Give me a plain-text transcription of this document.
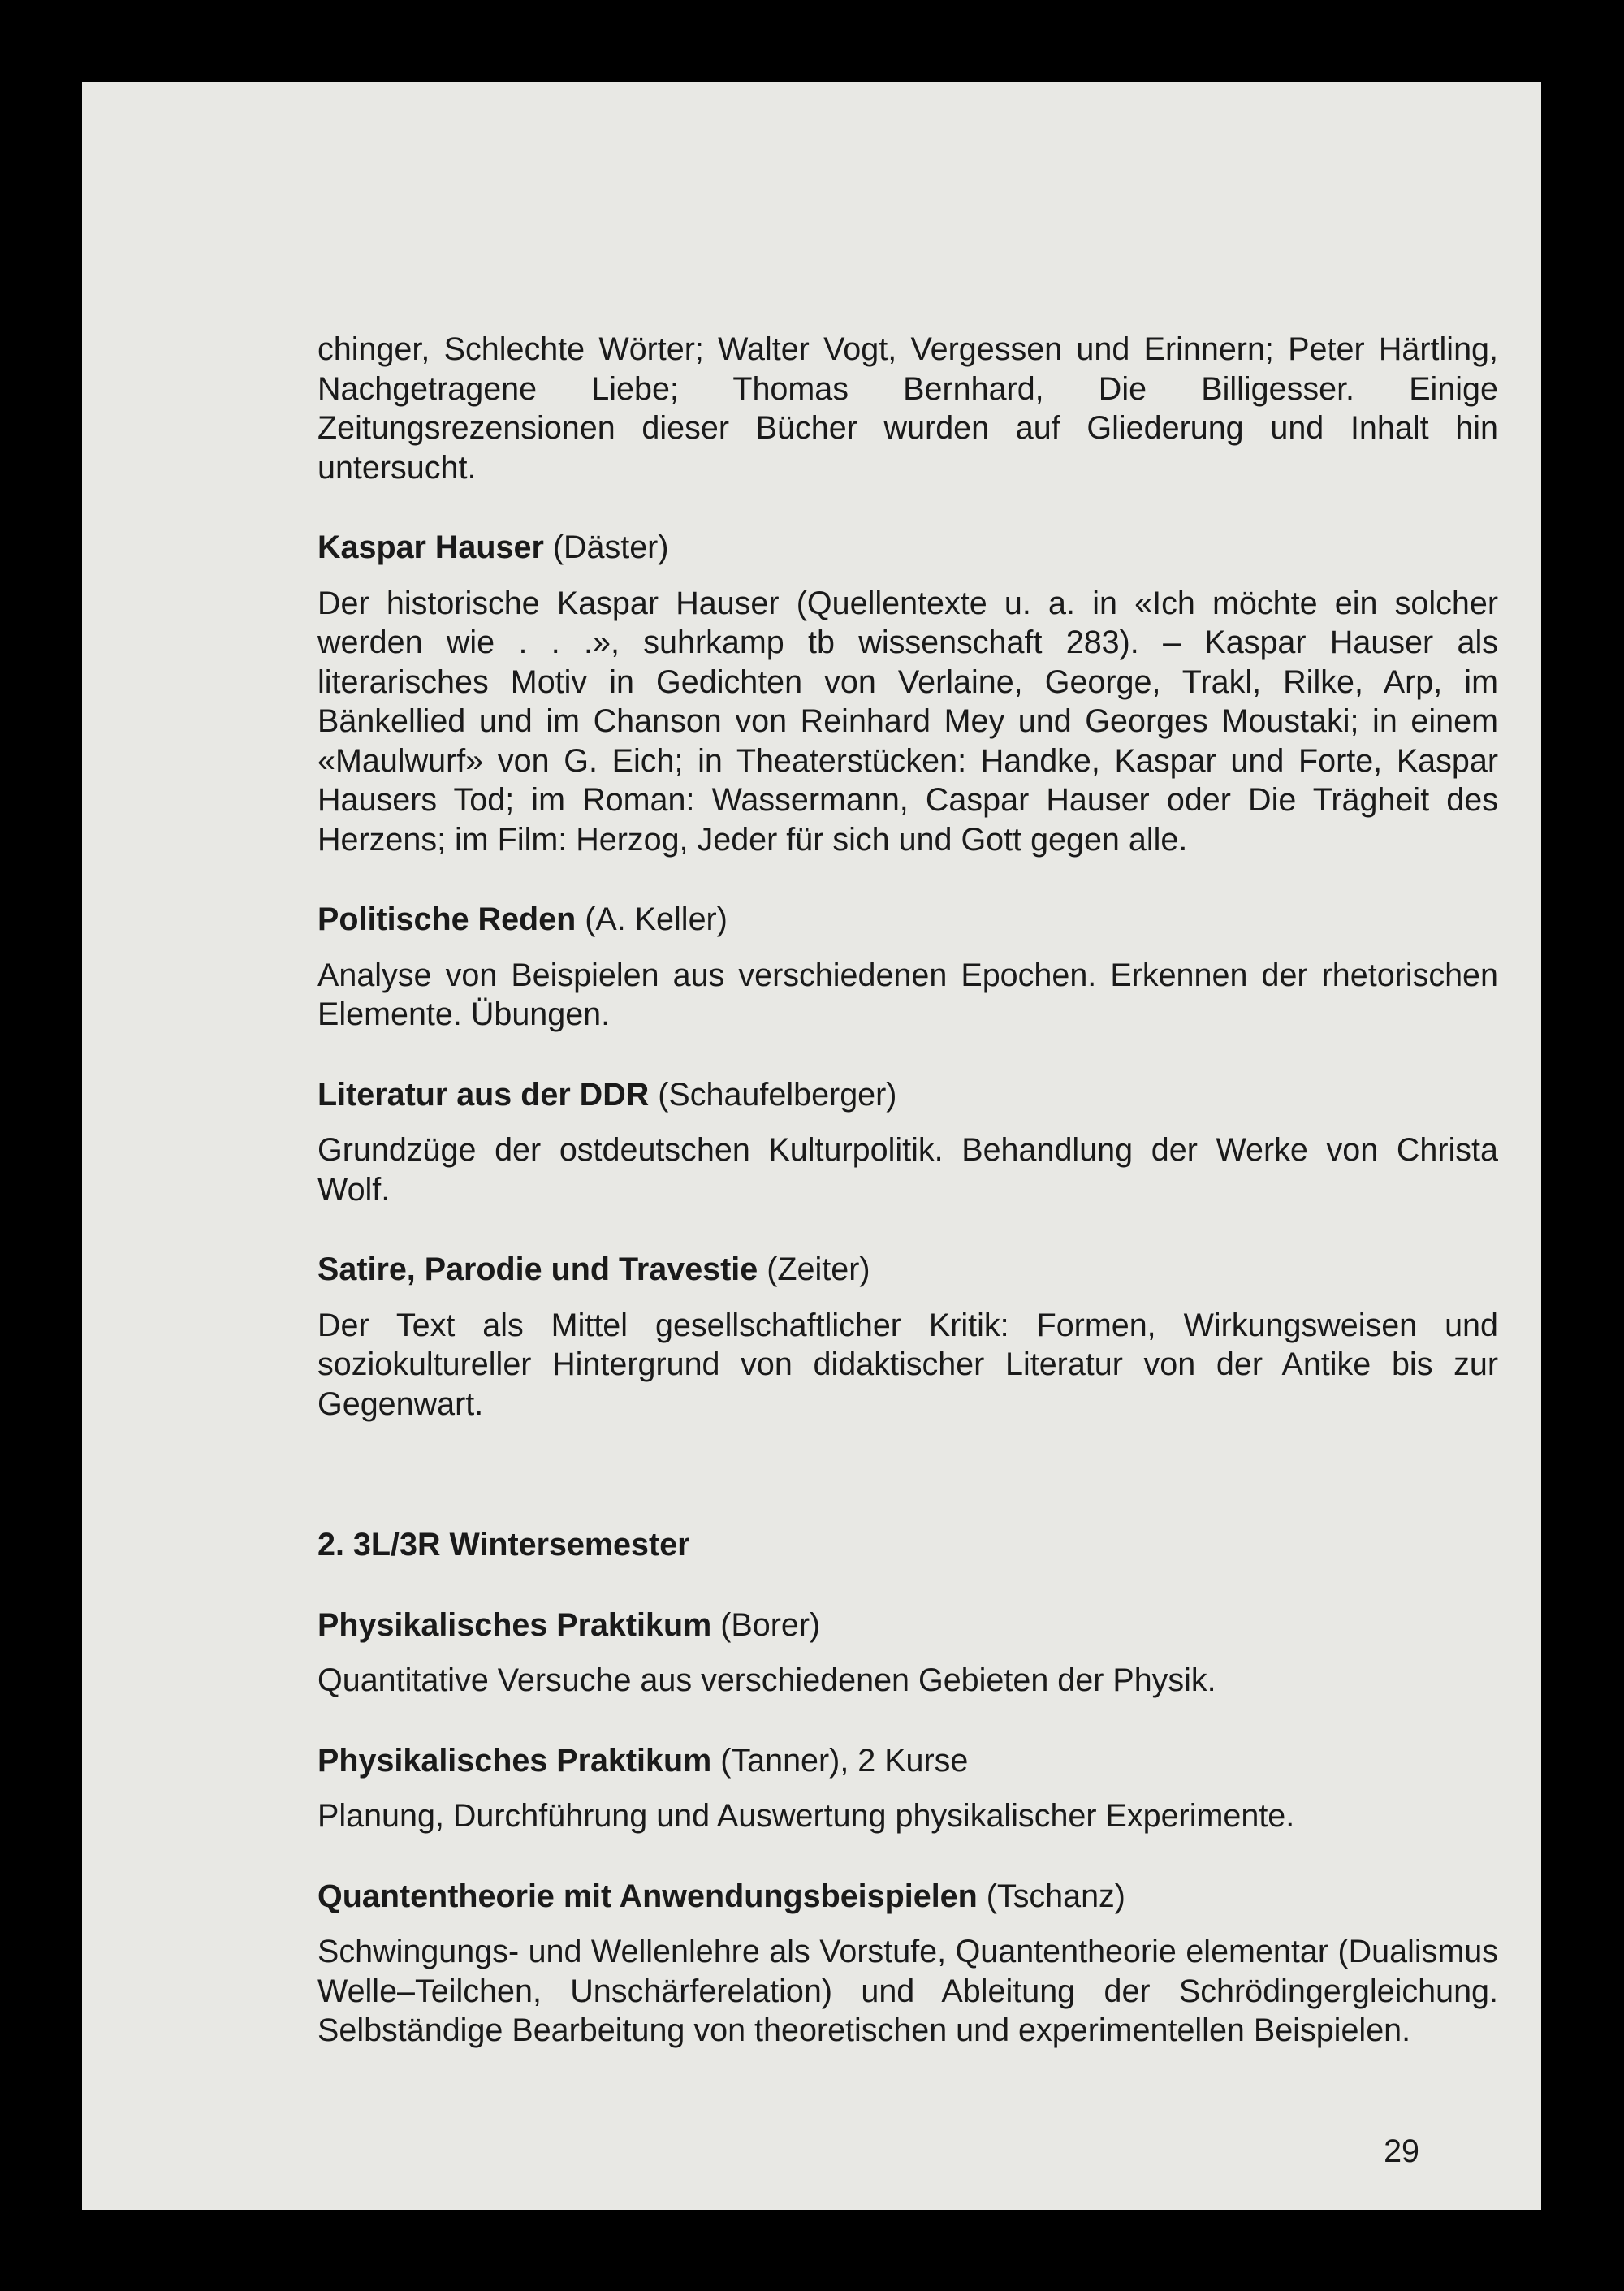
chinger, Schlechte Wörter; Walter Vogt, Vergessen und Erinnern; Peter Härtling, Nachgetragene Liebe; Thomas Bernhard, Die Billigesser. Einige Zeitungsrezensionen dieser Bücher wurden auf Gliederung und Inhalt hin untersucht.

Kaspar Hauser (Däster)

Der historische Kaspar Hauser (Quellentexte u. a. in «Ich möchte ein solcher werden wie . . .», suhrkamp tb wissenschaft 283). – Kaspar Hauser als literarisches Motiv in Gedichten von Verlaine, George, Trakl, Rilke, Arp, im Bänkellied und im Chanson von Reinhard Mey und Georges Moustaki; in einem «Maulwurf» von G. Eich; in Theaterstücken: Handke, Kaspar und Forte, Kaspar Hausers Tod; im Roman: Wassermann, Caspar Hauser oder Die Trägheit des Herzens; im Film: Herzog, Jeder für sich und Gott gegen alle.

Politische Reden (A. Keller)

Analyse von Beispielen aus verschiedenen Epochen. Erkennen der rhetorischen Elemente. Übungen.

Literatur aus der DDR (Schaufelberger)

Grundzüge der ostdeutschen Kulturpolitik. Behandlung der Werke von Christa Wolf.

Satire, Parodie und Travestie (Zeiter)

Der Text als Mittel gesellschaftlicher Kritik: Formen, Wirkungsweisen und soziokultureller Hintergrund von didaktischer Literatur von der Antike bis zur Gegenwart.

2. 3L/3R Wintersemester

Physikalisches Praktikum (Borer)

Quantitative Versuche aus verschiedenen Gebieten der Physik.

Physikalisches Praktikum (Tanner), 2 Kurse

Planung, Durchführung und Auswertung physikalischer Experimente.

Quantentheorie mit Anwendungsbeispielen (Tschanz)

Schwingungs- und Wellenlehre als Vorstufe, Quantentheorie elementar (Dualismus Welle–Teilchen, Unschärferelation) und Ableitung der Schrödingergleichung. Selbständige Bearbeitung von theoretischen und experimentellen Beispielen.

29
